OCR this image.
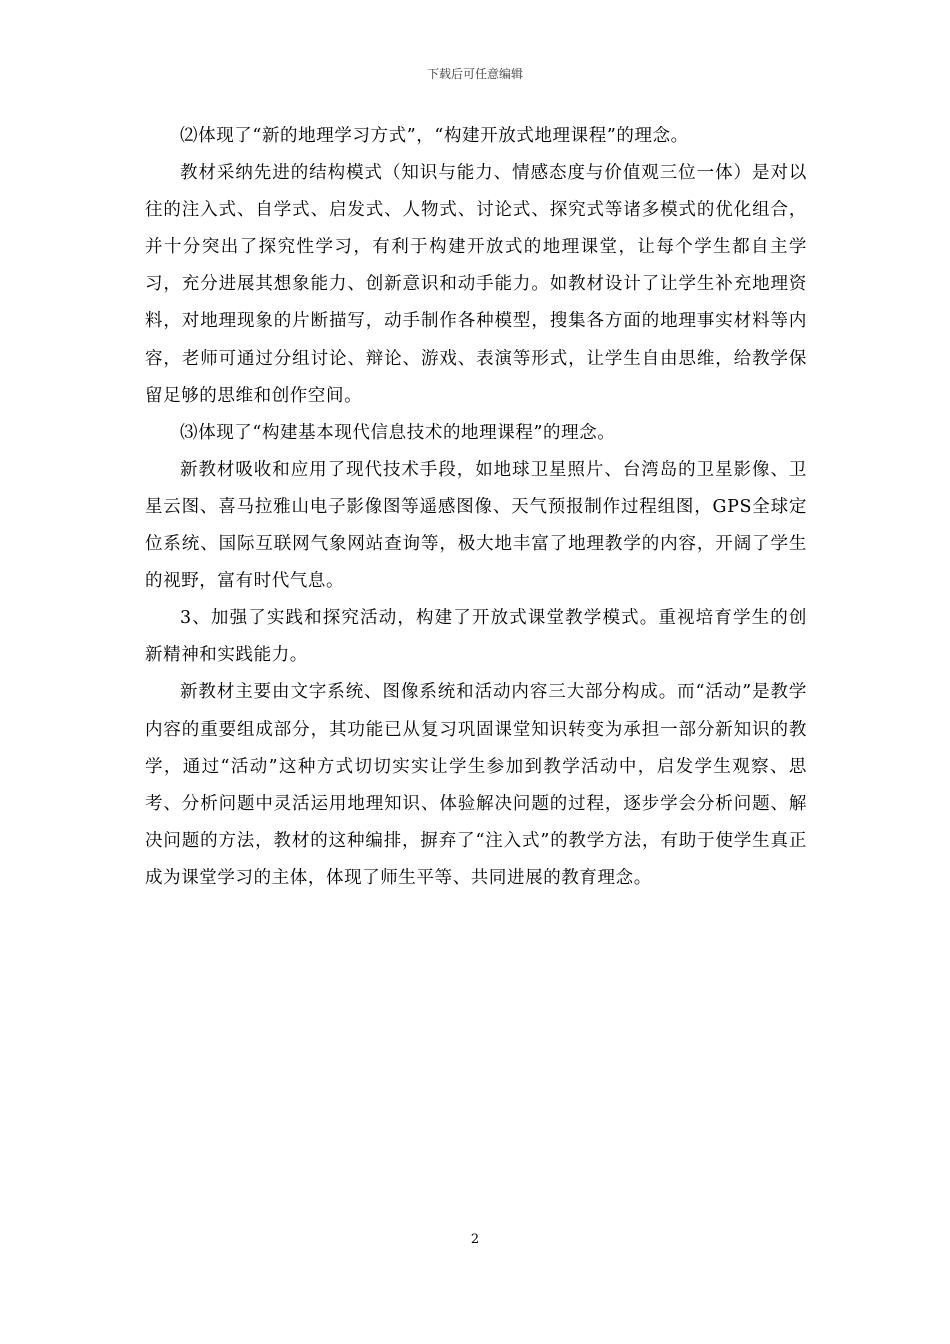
下载后可任意编辑

⑵体现了“新的地理学习方式”，“构建开放式地理课程”的理念。

教材采纳先进的结构模式（知识与能力、情感态度与价值观三位一体）是对以往的注入式、自学式、启发式、人物式、讨论式、探究式等诸多模式的优化组合，并十分突出了探究性学习，有利于构建开放式的地理课堂，让每个学生都自主学习，充分进展其想象能力、创新意识和动手能力。如教材设计了让学生补充地理资料，对地理现象的片断描写，动手制作各种模型，搜集各方面的地理事实材料等内容，老师可通过分组讨论、辩论、游戏、表演等形式，让学生自由思维，给教学保留足够的思维和创作空间。

⑶体现了“构建基本现代信息技术的地理课程”的理念。

新教材吸收和应用了现代技术手段，如地球卫星照片、台湾岛的卫星影像、卫星云图、喜马拉雅山电子影像图等遥感图像、天气预报制作过程组图，GPS全球定位系统、国际互联网气象网站查询等，极大地丰富了地理教学的内容，开阔了学生的视野，富有时代气息。

3、加强了实践和探究活动，构建了开放式课堂教学模式。重视培育学生的创新精神和实践能力。

新教材主要由文字系统、图像系统和活动内容三大部分构成。而“活动”是教学内容的重要组成部分，其功能已从复习巩固课堂知识转变为承担一部分新知识的教学，通过“活动”这种方式切切实实让学生参加到教学活动中，启发学生观察、思考、分析问题中灵活运用地理知识、体验解决问题的过程，逐步学会分析问题、解决问题的方法，教材的这种编排，摒弃了“注入式”的教学方法，有助于使学生真正成为课堂学习的主体，体现了师生平等、共同进展的教育理念。

2
